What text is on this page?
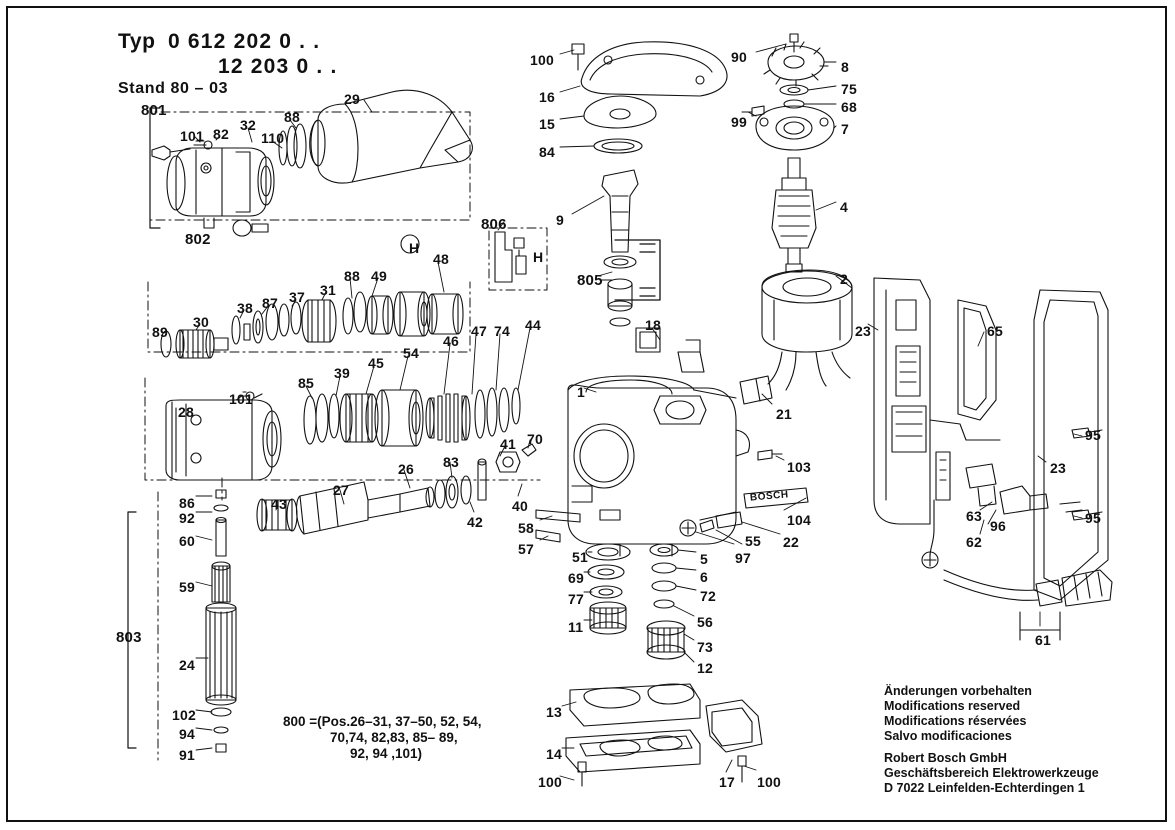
Typ 0 612 202 0 . .
12 203 0 . .
Stand 80 – 03
BOSCH
800 =(Pos.26–31, 37–50, 52, 54,
70,74, 82,83, 85– 89,
92, 94 ,101)
Änderungen vorbehalten
Modifications reserved
Modifications réservées
Salvo modificaciones
Robert Bosch GmbH
Geschäftsbereich Elektrowerkzeuge
D 7022 Leinfelden-Echterdingen 1
100
16
15
84
9
90
8
75
68
7
99
4
2
29
88
32
110
101 82
48
49
88
31
37
87
38
30
89	44
74
47
46
54
45
39
85
101
28
18
1
21
103
104
22
97
55
41 70
40
83
26
42
27
43
58
57	51
69
77
11
5
6
72
56
73
12
13
14
100	17 100
86
92
60
59
24
102
94
91
23	65
95
23
63
96
62
95
61
801
802
803
805
806
H
H
